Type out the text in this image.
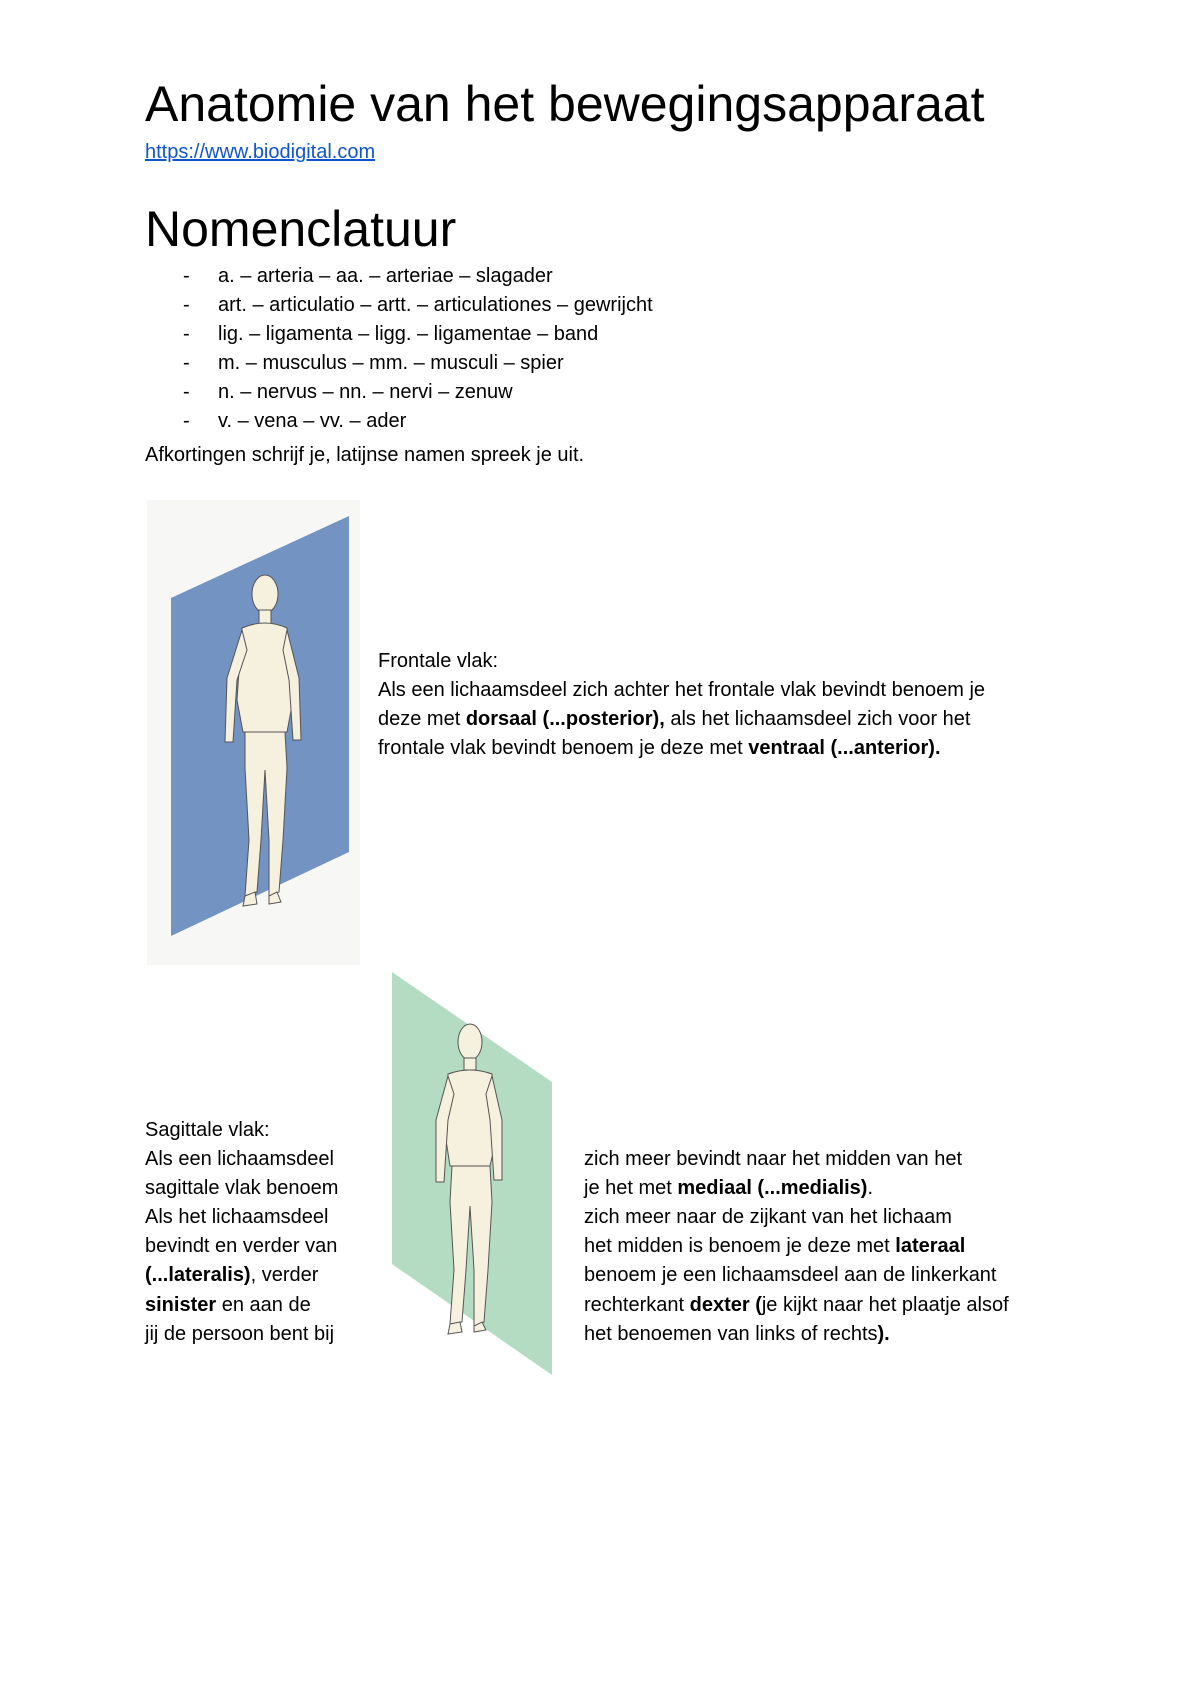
Anatomie van het bewegingsapparaat
https://www.biodigital.com
Nomenclatuur
- a. – arteria – aa. – arteriae – slagader
- art. – articulatio – artt. – articulationes – gewrijcht
- lig. – ligamenta – ligg. – ligamentae – band
- m. – musculus – mm. – musculi – spier
- n. – nervus – nn. – nervi – zenuw
- v. – vena – vv. – ader
Afkortingen schrijf je, latijnse namen spreek je uit.
Frontale vlak:
Als een lichaamsdeel zich achter het frontale vlak bevindt benoem je
deze met dorsaal (...posterior), als het lichaamsdeel zich voor het
frontale vlak bevindt benoem je deze met ventraal (...anterior).
Sagittale vlak:
Als een lichaamsdeel
sagittale vlak benoem
Als het lichaamsdeel
bevindt en verder van
(...lateralis), verder
sinister en aan de
jij de persoon bent bij
zich meer bevindt naar het midden van het
je het met mediaal (...medialis).
zich meer naar de zijkant van het lichaam
het midden is benoem je deze met lateraal
benoem je een lichaamsdeel aan de linkerkant
rechterkant dexter (je kijkt naar het plaatje alsof
het benoemen van links of rechts).
